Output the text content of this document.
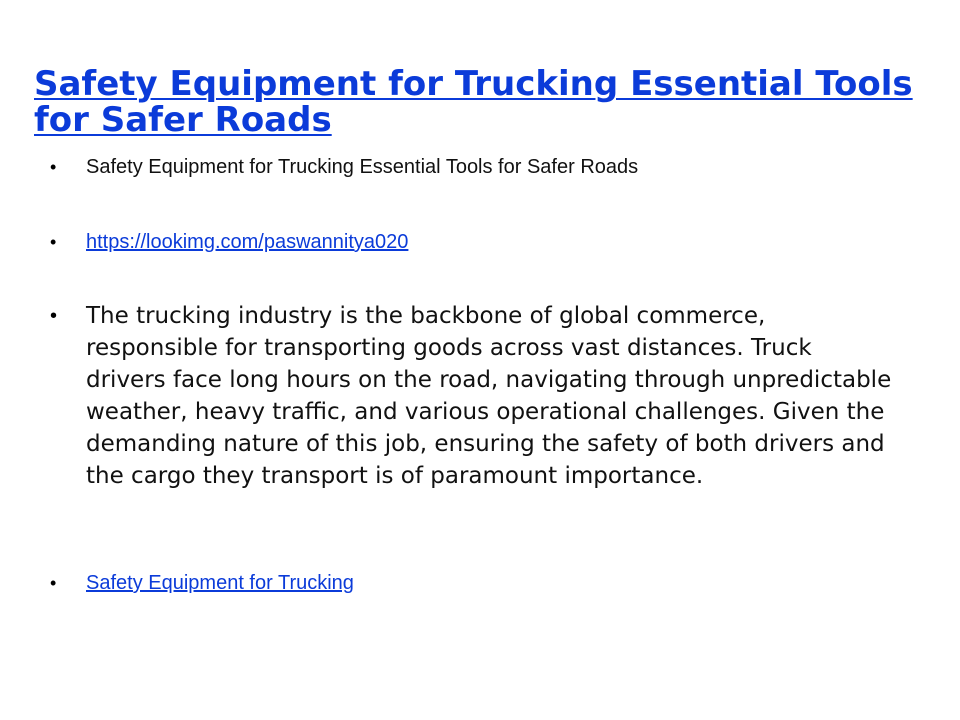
Safety Equipment for Trucking Essential Tools for Safer Roads
• Safety Equipment for Trucking Essential Tools for Safer Roads
• https://lookimg.com/paswannitya020
• The trucking industry is the backbone of global commerce, responsible for transporting goods across vast distances. Truck drivers face long hours on the road, navigating through unpredictable weather, heavy traffic, and various operational challenges. Given the demanding nature of this job, ensuring the safety of both drivers and the cargo they transport is of paramount importance.
• Safety Equipment for Trucking
